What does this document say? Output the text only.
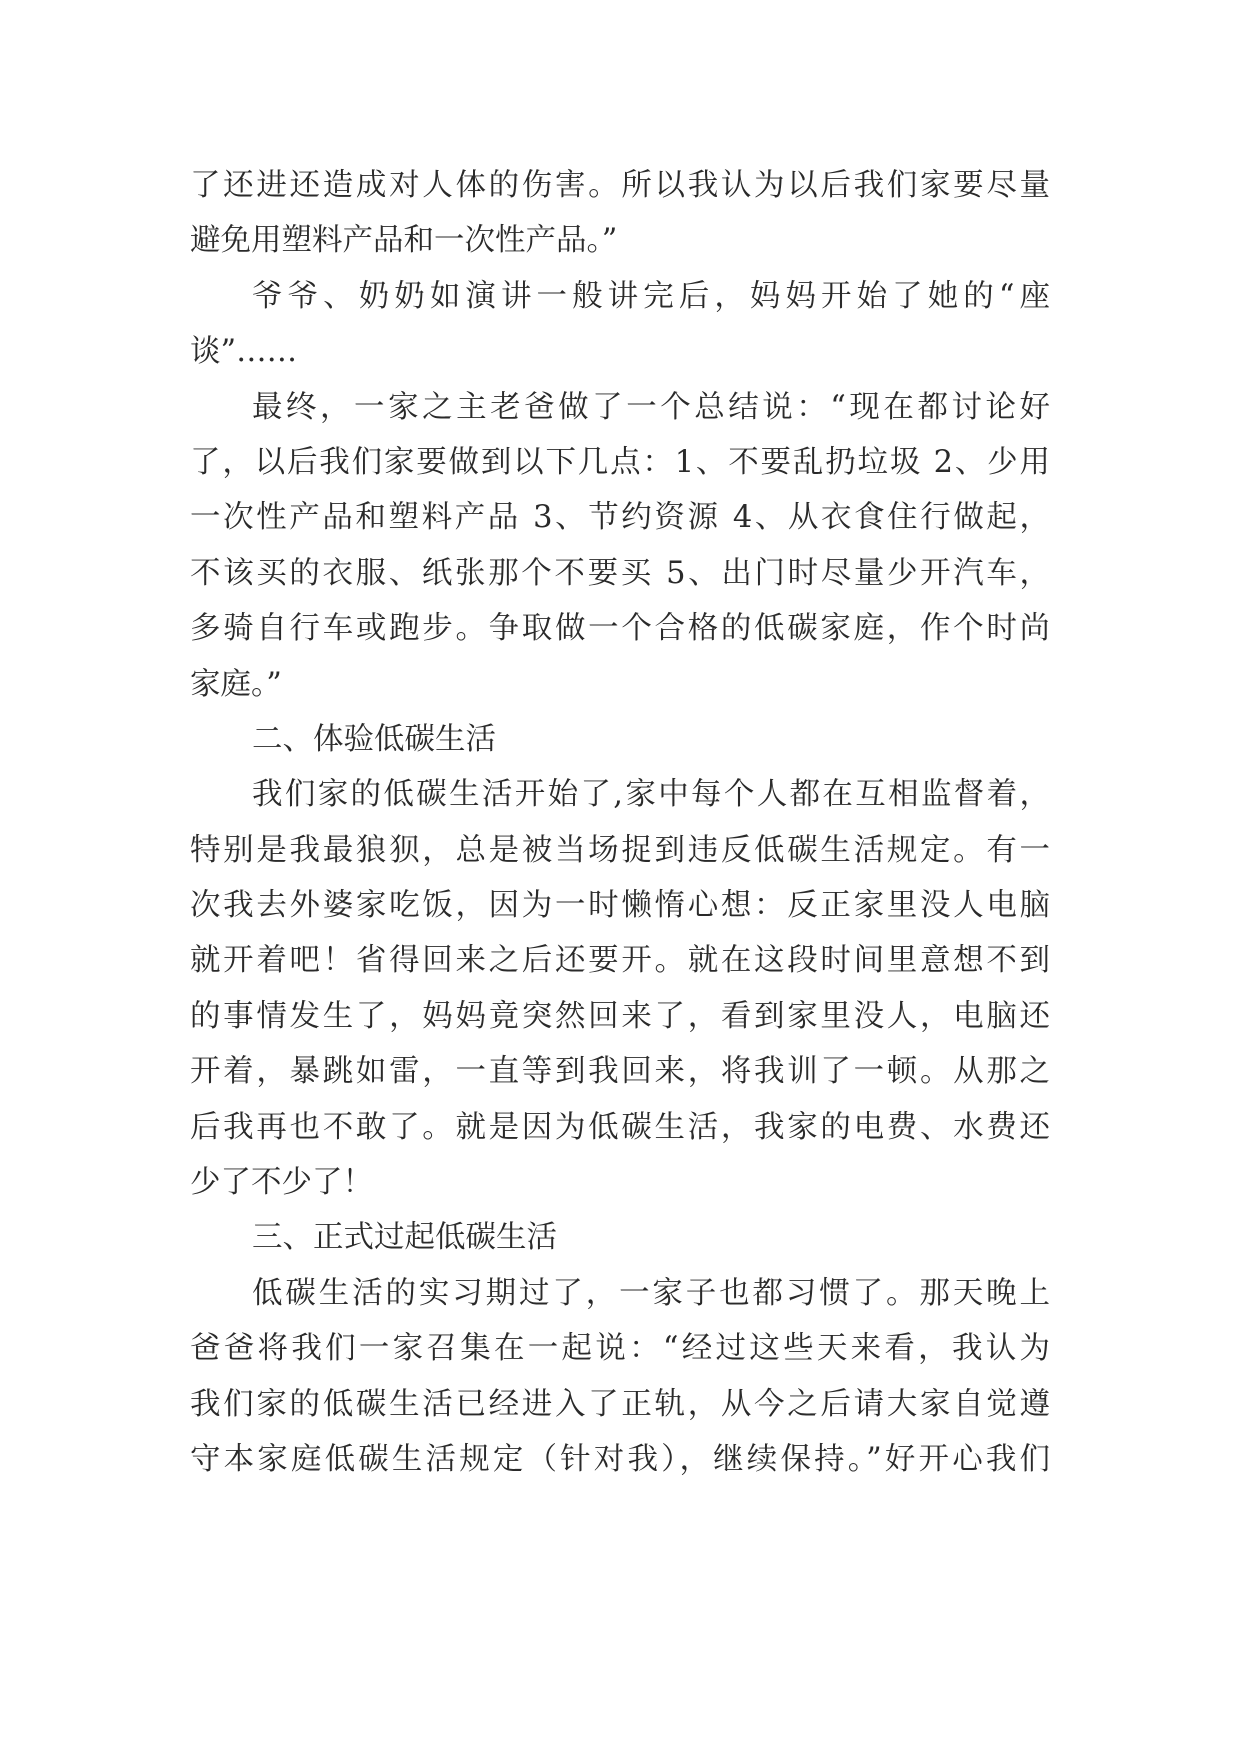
了还进还造成对人体的伤害。所以我认为以后我们家要尽量
避免用塑料产品和一次性产品。”
爷爷、奶奶如演讲一般讲完后，妈妈开始了她的“座
谈”……
最终，一家之主老爸做了一个总结说：“现在都讨论好
了，以后我们家要做到以下几点：1、不要乱扔垃圾 2、少用
一次性产品和塑料产品 3、节约资源 4、从衣食住行做起，
不该买的衣服、纸张那个不要买 5、出门时尽量少开汽车，
多骑自行车或跑步。争取做一个合格的低碳家庭，作个时尚
家庭。”
二、体验低碳生活
我们家的低碳生活开始了,家中每个人都在互相监督着，
特别是我最狼狈，总是被当场捉到违反低碳生活规定。有一
次我去外婆家吃饭，因为一时懒惰心想：反正家里没人电脑
就开着吧！省得回来之后还要开。就在这段时间里意想不到
的事情发生了，妈妈竟突然回来了，看到家里没人，电脑还
开着，暴跳如雷，一直等到我回来，将我训了一顿。从那之
后我再也不敢了。就是因为低碳生活，我家的电费、水费还
少了不少了！
三、正式过起低碳生活
低碳生活的实习期过了，一家子也都习惯了。那天晚上
爸爸将我们一家召集在一起说：“经过这些天来看，我认为
我们家的低碳生活已经进入了正轨，从今之后请大家自觉遵
守本家庭低碳生活规定（针对我），继续保持。”好开心我们
